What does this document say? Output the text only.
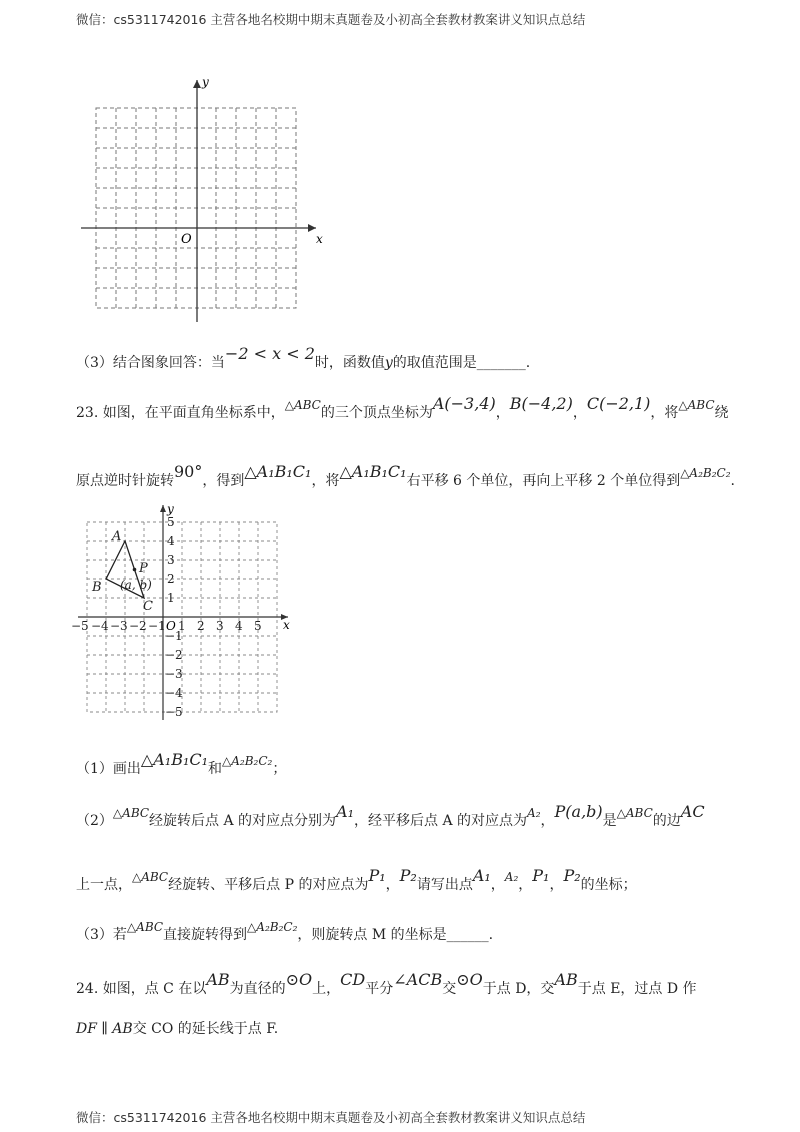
微信：cs5311742016 主营各地名校期中期末真题卷及小初高全套教材教案讲义知识点总结
y
x
O
（3）结合图象回答：当−2 < x < 2时，函数值y的取值范围是_______.
23. 如图，在平面直角坐标系中，△ABC的三个顶点坐标为A(−3,4)，B(−4,2)，C(−2,1)，将△ABC绕
原点逆时针旋转90°，得到△A₁B₁C₁，将△A₁B₁C₁右平移 6 个单位，再向上平移 2 个单位得到△A₂B₂C₂.
y
x
O
−5 −4 −3 −2 −1 1 2 3 4 5
5
4
3
2
1
−1
−2
−3
−4
−5
A
B
C
P
(a, b)
（1）画出△A₁B₁C₁和△A₂B₂C₂；
（2）△ABC经旋转后点 A 的对应点分别为A₁，经平移后点 A 的对应点为A₂，P(a,b)是△ABC的边AC
上一点，△ABC经旋转、平移后点 P 的对应点为P₁，P₂请写出点A₁，A₂，P₁，P₂的坐标；
（3）若△ABC直接旋转得到△A₂B₂C₂，则旋转点 M 的坐标是______.
24. 如图，点 C 在以AB为直径的⊙O上，CD平分∠ACB交⊙O于点 D，交AB于点 E，过点 D 作
DF ∥ AB交 CO 的延长线于点 F.
微信：cs5311742016 主营各地名校期中期末真题卷及小初高全套教材教案讲义知识点总结
